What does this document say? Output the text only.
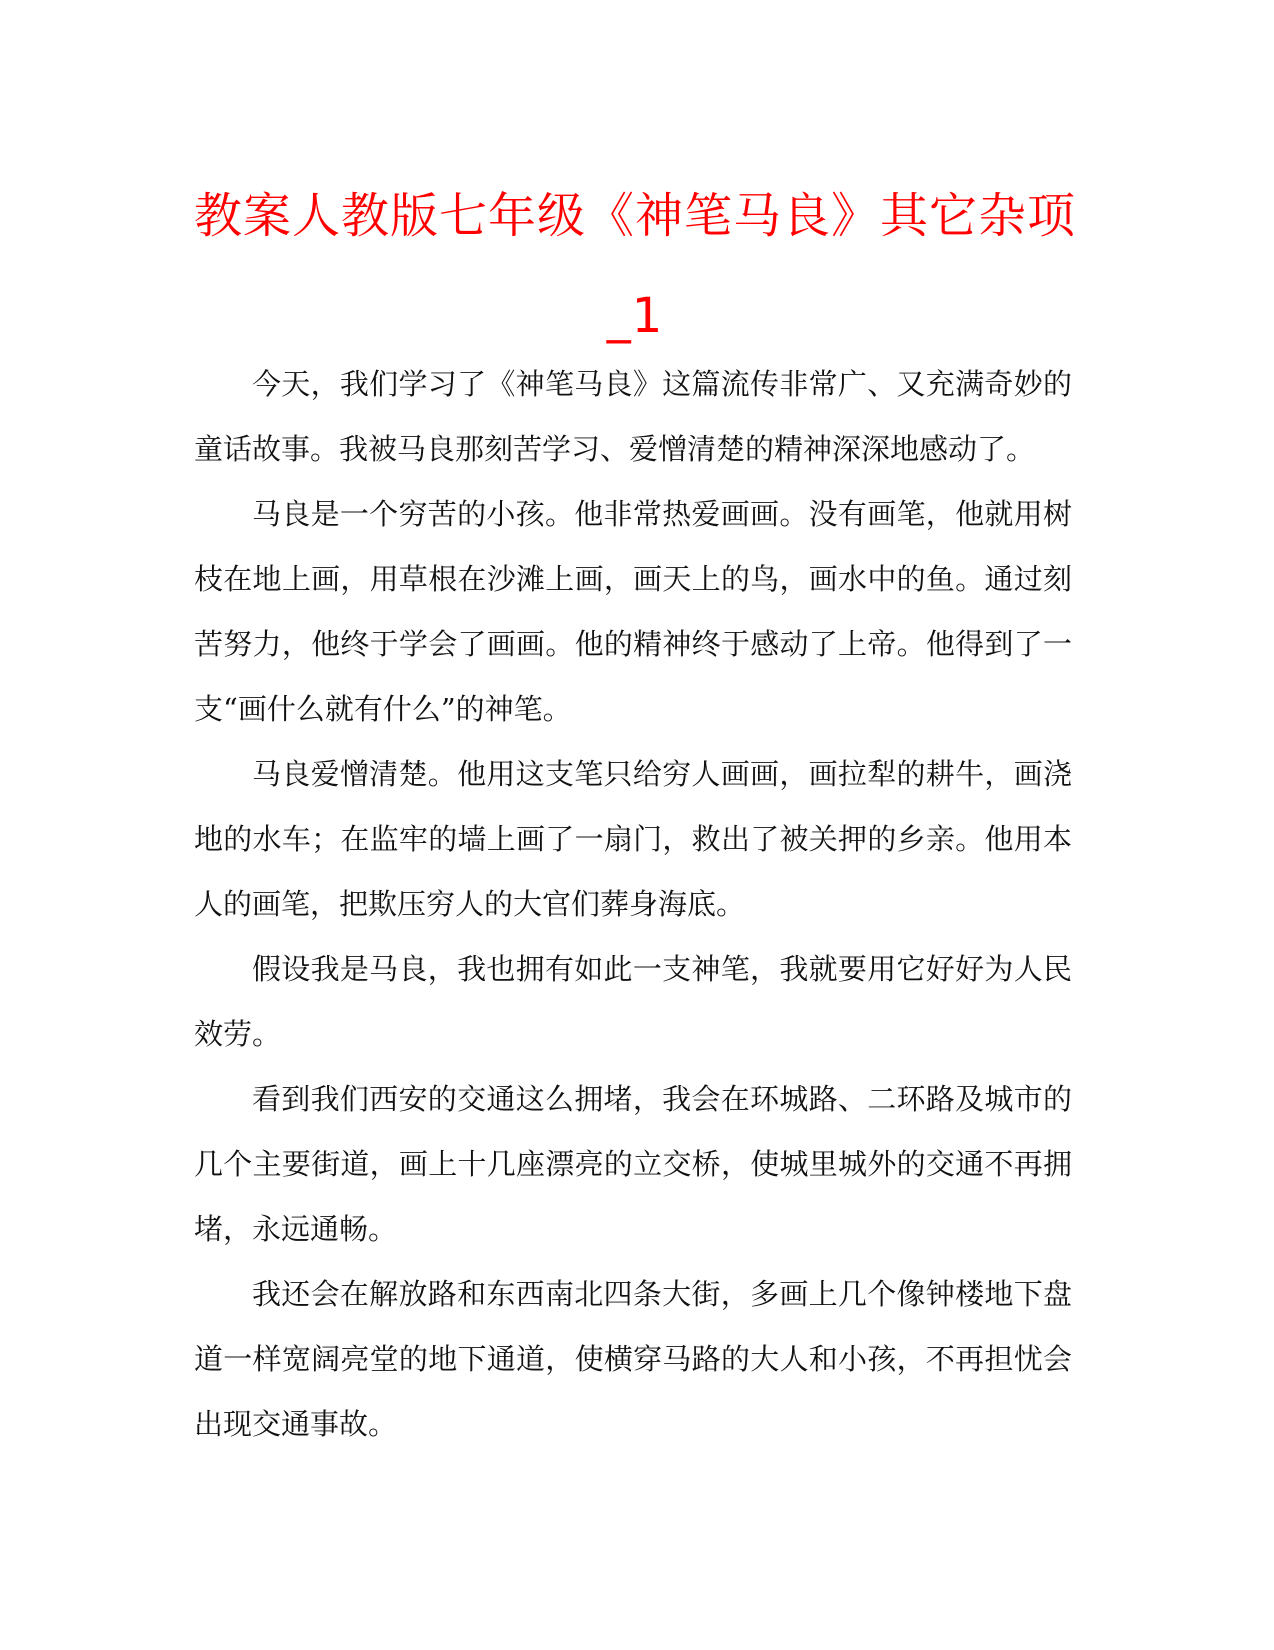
教案人教版七年级《神笔马良》其它杂项_1

今天，我们学习了《神笔马良》这篇流传非常广、又充满奇妙的童话故事。我被马良那刻苦学习、爱憎清楚的精神深深地感动了。

马良是一个穷苦的小孩。他非常热爱画画。没有画笔，他就用树枝在地上画，用草根在沙滩上画，画天上的鸟，画水中的鱼。通过刻苦努力，他终于学会了画画。他的精神终于感动了上帝。他得到了一支“画什么就有什么”的神笔。

马良爱憎清楚。他用这支笔只给穷人画画，画拉犁的耕牛，画浇地的水车；在监牢的墙上画了一扇门，救出了被关押的乡亲。他用本人的画笔，把欺压穷人的大官们葬身海底。

假设我是马良，我也拥有如此一支神笔，我就要用它好好为人民效劳。

看到我们西安的交通这么拥堵，我会在环城路、二环路及城市的几个主要街道，画上十几座漂亮的立交桥，使城里城外的交通不再拥堵，永远通畅。

我还会在解放路和东西南北四条大街，多画上几个像钟楼地下盘道一样宽阔亮堂的地下通道，使横穿马路的大人和小孩，不再担忧会出现交通事故。
